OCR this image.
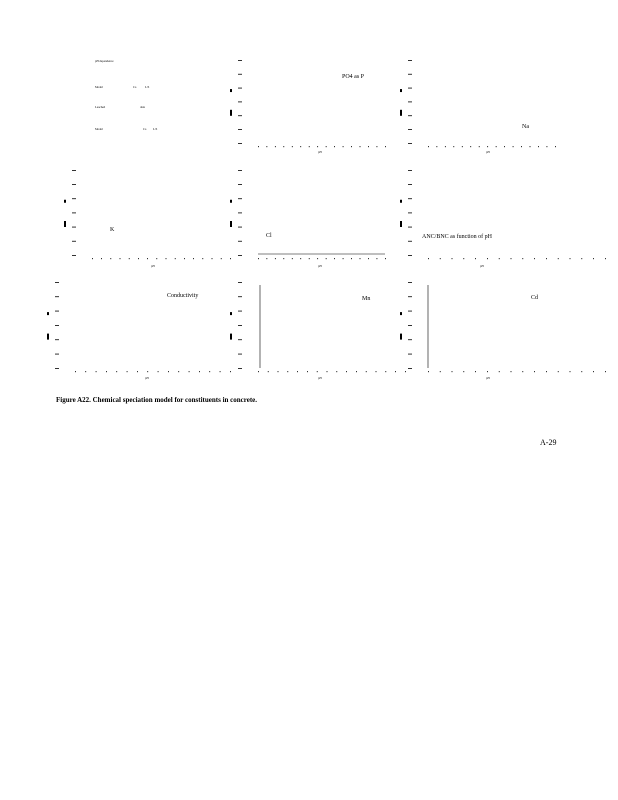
pH dependence
Model	Ca	L/S
Leached	data
Model	Ca L/S
PO4 as P
Na
K
Cl	ANC/BNC as function of pH
Conductivity	Mn	Cd
pH	pH
pH	pH	pH
pH	pH	pH
Figure A22. Chemical speciation model for constituents in concrete.
A-29
